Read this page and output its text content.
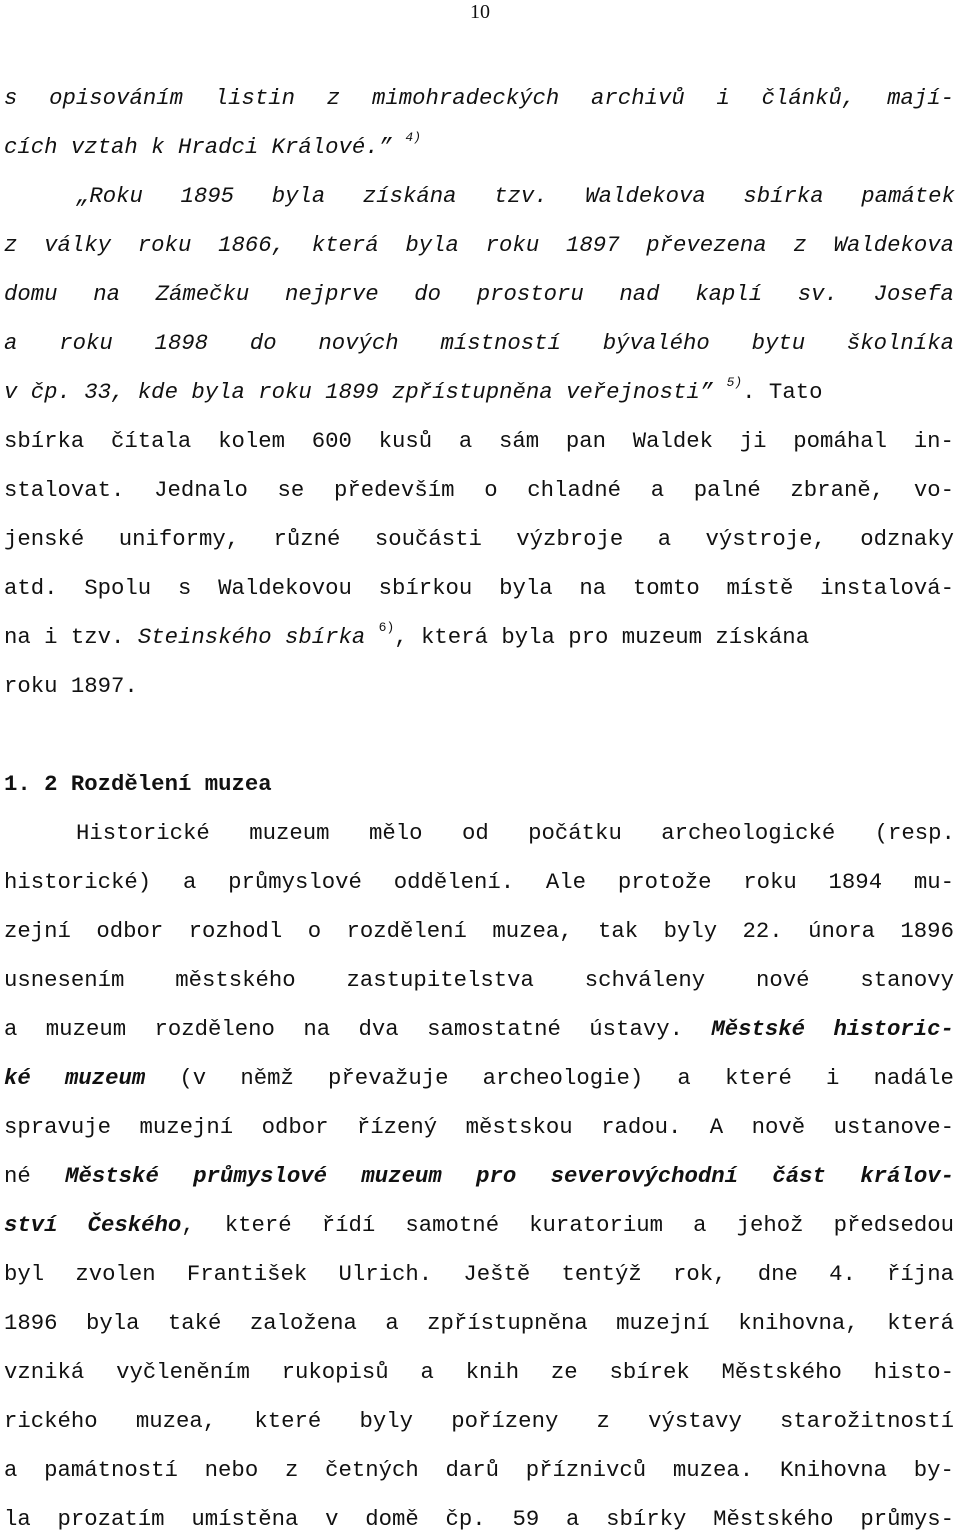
10
s opisováním listin z mimohradeckých archivů i článků, mají-
cích vztah k Hradci Králové.” $^{4)}$
„Roku 1895 byla získána tzv. Waldekova sbírka památek
z války roku 1866, která byla roku 1897 převezena z Waldekova
domu na Zámečku nejprve do prostoru nad kaplí sv. Josefa
a roku 1898 do nových místností bývalého bytu školníka
v čp. 33, kde byla roku 1899 zpřístupněna veřejnosti” $^{5)}$. Tato
sbírka čítala kolem 600 kusů a sám pan Waldek ji pomáhal in-
stalovat. Jednalo se především o chladné a palné zbraně, vo-
jenské uniformy, různé součásti výzbroje a výstroje, odznaky
atd. Spolu s Waldekovou sbírkou byla na tomto místě instalová-
na i tzv. Steinského sbírka $^{6)}$, která byla pro muzeum získána
roku 1897.
1. 2 Rozdělení muzea
Historické muzeum mělo od počátku archeologické (resp.
historické) a průmyslové oddělení. Ale protože roku 1894 mu-
zejní odbor rozhodl o rozdělení muzea, tak byly 22. února 1896
usnesením městského zastupitelstva schváleny nové stanovy
a muzeum rozděleno na dva samostatné ústavy. Městské historic-
ké muzeum (v němž převažuje archeologie) a které i nadále
spravuje muzejní odbor řízený městskou radou. A nově ustanove-
né Městské průmyslové muzeum pro severovýchodní část králov-
ství Českého, které řídí samotné kuratorium a jehož předsedou
byl zvolen František Ulrich. Ještě tentýž rok, dne 4. října
1896 byla také založena a zpřístupněna muzejní knihovna, která
vzniká vyčleněním rukopisů a knih ze sbírek Městského histo-
rického muzea, které byly pořízeny z výstavy starožitností
a památností nebo z četných darů příznivců muzea. Knihovna by-
la prozatím umístěna v domě čp. 59 a sbírky Městského průmys-
